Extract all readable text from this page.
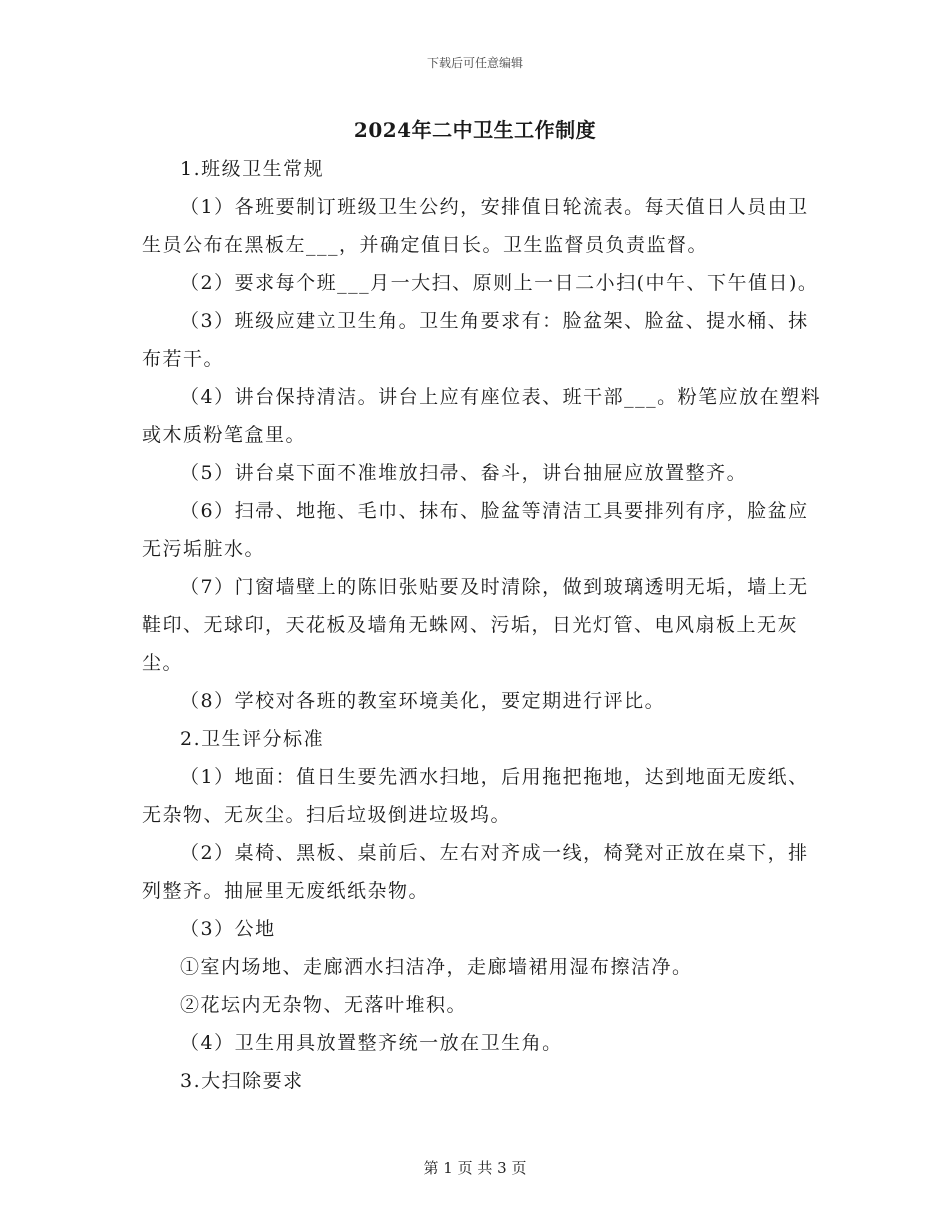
下载后可任意编辑
2024年二中卫生工作制度

1.班级卫生常规

（1）各班要制订班级卫生公约，安排值日轮流表。每天值日人员由卫生员公布在黑板左___，并确定值日长。卫生监督员负责监督。

（2）要求每个班___月一大扫、原则上一日二小扫(中午、下午值日)。

（3）班级应建立卫生角。卫生角要求有：脸盆架、脸盆、提水桶、抹布若干。

（4）讲台保持清洁。讲台上应有座位表、班干部___。粉笔应放在塑料或木质粉笔盒里。

（5）讲台桌下面不准堆放扫帚、畚斗，讲台抽屉应放置整齐。

（6）扫帚、地拖、毛巾、抹布、脸盆等清洁工具要排列有序，脸盆应无污垢脏水。

（7）门窗墙壁上的陈旧张贴要及时清除，做到玻璃透明无垢，墙上无鞋印、无球印，天花板及墙角无蛛网、污垢，日光灯管、电风扇板上无灰尘。

（8）学校对各班的教室环境美化，要定期进行评比。

2.卫生评分标准

（1）地面：值日生要先洒水扫地，后用拖把拖地，达到地面无废纸、无杂物、无灰尘。扫后垃圾倒进垃圾坞。

（2）桌椅、黑板、桌前后、左右对齐成一线，椅凳对正放在桌下，排列整齐。抽屉里无废纸纸杂物。

（3）公地

①室内场地、走廊洒水扫洁净，走廊墙裙用湿布擦洁净。

②花坛内无杂物、无落叶堆积。

（4）卫生用具放置整齐统一放在卫生角。

3.大扫除要求

第 1 页 共 3 页
